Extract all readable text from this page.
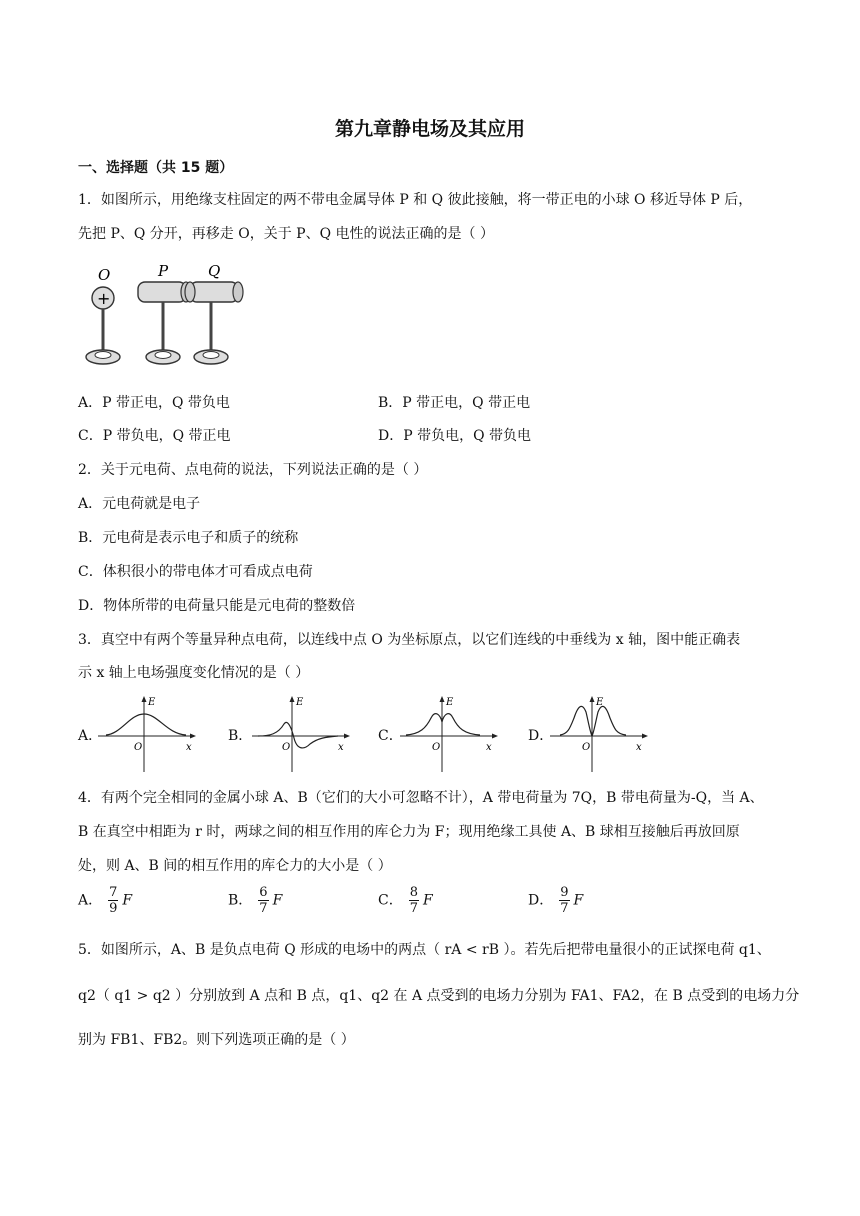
第九章静电场及其应用
一、选择题（共 15 题）
1．如图所示，用绝缘支柱固定的两不带电金属导体 P 和 Q 彼此接触，将一带正电的小球 O 移近导体 P 后，
先把 P、Q 分开，再移走 O，关于 P、Q 电性的说法正确的是（ ）
O	P	Q
+
A．P 带正电，Q 带负电	B．P 带正电，Q 带正电
C．P 带负电，Q 带正电	D．P 带负电，Q 带负电
2．关于元电荷、点电荷的说法，下列说法正确的是（ ）
A．元电荷就是电子
B．元电荷是表示电子和质子的统称
C．体积很小的带电体才可看成点电荷
D．物体所带的电荷量只能是元电荷的整数倍
3．真空中有两个等量异种点电荷，以连线中点 O 为坐标原点，以它们连线的中垂线为 x 轴，图中能正确表
示 x 轴上电场强度变化情况的是（ ）
A．
E
O	x
B．
E
O	x
C．
E
O	x
D．
E
O	x
4．有两个完全相同的金属小球 A、B（它们的大小可忽略不计），A 带电荷量为 7Q，B 带电荷量为-Q，当 A、
B 在真空中相距为 r 时，两球之间的相互作用的库仑力为 F；现用绝缘工具使 A、B 球相互接触后再放回原
处，则 A、B 间的相互作用的库仑力的大小是（ ）
A． $\frac{7}{9}$ F	B． $\frac{6}{7}$ F	C． $\frac{8}{7}$ F	D． $\frac{9}{7}$ F
5．如图所示，A、B 是负点电荷 Q 形成的电场中的两点（ rA < rB ）。若先后把带电量很小的正试探电荷 q1、
q2（ q1 > q2 ）分别放到 A 点和 B 点，q1、q2 在 A 点受到的电场力分别为 FA1、FA2，在 B 点受到的电场力分
别为 FB1、FB2。则下列选项正确的是（ ）
